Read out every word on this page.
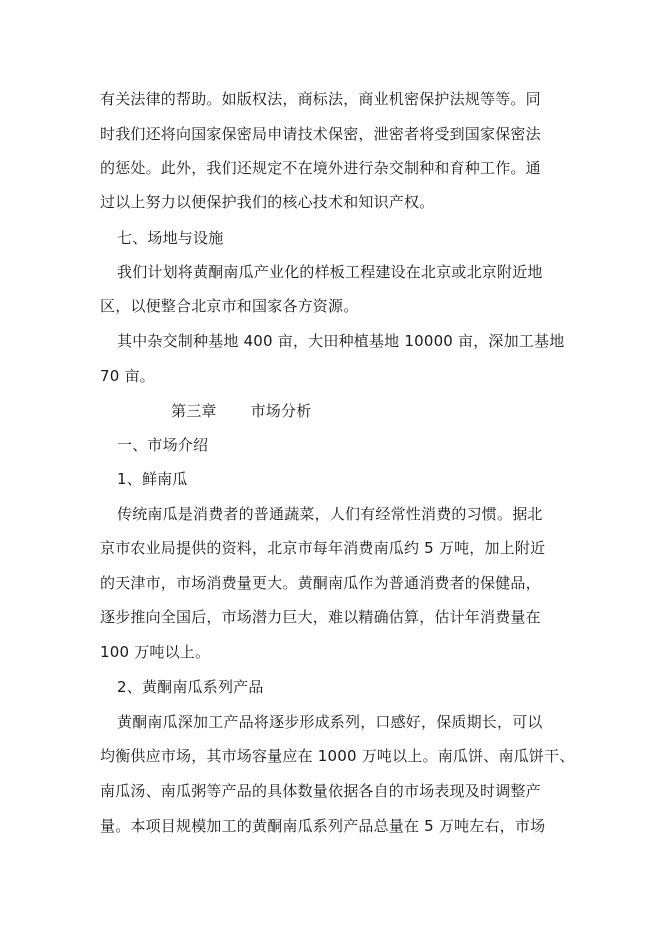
有关法律的帮助。如版权法，商标法，商业机密保护法规等等。同
时我们还将向国家保密局申请技术保密，泄密者将受到国家保密法
的惩处。此外，我们还规定不在境外进行杂交制种和育种工作。通
过以上努力以便保护我们的核心技术和知识产权。
七、场地与设施
我们计划将黄酮南瓜产业化的样板工程建设在北京或北京附近地
区，以便整合北京市和国家各方资源。
其中杂交制种基地 400 亩，大田种植基地 10000 亩，深加工基地
70 亩。
第三章 市场分析
一、市场介绍
1、鲜南瓜
传统南瓜是消费者的普通蔬菜，人们有经常性消费的习惯。据北
京市农业局提供的资料，北京市每年消费南瓜约 5 万吨，加上附近
的天津市，市场消费量更大。黄酮南瓜作为普通消费者的保健品，
逐步推向全国后，市场潜力巨大，难以精确估算，估计年消费量在
100 万吨以上。
2、黄酮南瓜系列产品
黄酮南瓜深加工产品将逐步形成系列，口感好，保质期长，可以
均衡供应市场，其市场容量应在 1000 万吨以上。南瓜饼、南瓜饼干、
南瓜汤、南瓜粥等产品的具体数量依据各自的市场表现及时调整产
量。本项目规模加工的黄酮南瓜系列产品总量在 5 万吨左右，市场
